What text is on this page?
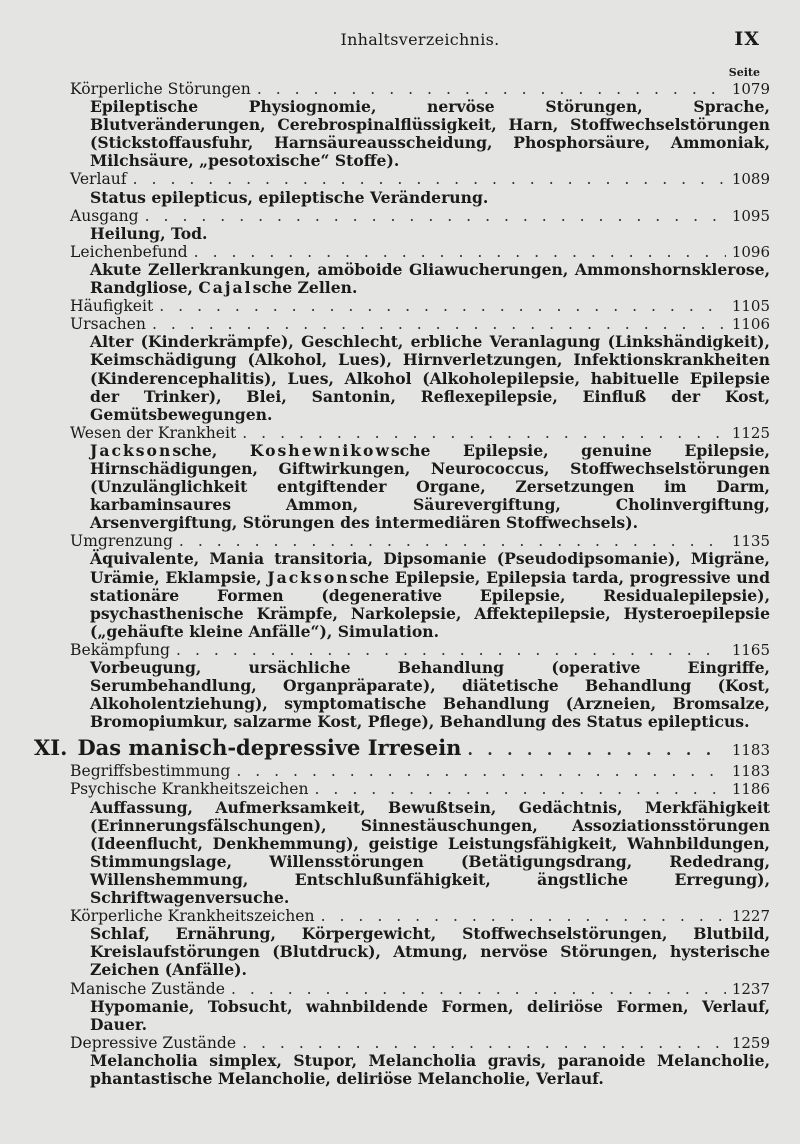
Inhaltsverzeichnis.	IX
Seite
Körperliche Störungen . . .	1079
Epileptische Physiognomie, nervöse Störungen, Sprache, Blutveränderungen, Cerebrospinalflüssigkeit, Harn, Stoffwechselstörungen (Stickstoffausfuhr, Harnsäureausscheidung, Phosphorsäure, Ammoniak, Milchsäure, „pesotoxische“ Stoffe).
Verlauf . . .	1089
Status epilepticus, epileptische Veränderung.
Ausgang . . .	1095
Heilung, Tod.
Leichenbefund . . .	1096
Akute Zellerkrankungen, amöboide Gliawucherungen, Ammonshornsklerose, Randgliose, Cajalsche Zellen.
Häufigkeit . . .	1105
Ursachen . . .	1106
Alter (Kinderkrämpfe), Geschlecht, erbliche Veranlagung (Linkshändigkeit), Keimschädigung (Alkohol, Lues), Hirnverletzungen, Infektionskrankheiten (Kinderencephalitis), Lues, Alkohol (Alkoholepilepsie, habituelle Epilepsie der Trinker), Blei, Santonin, Reflexepilepsie, Einfluß der Kost, Gemütsbewegungen.
Wesen der Krankheit . . .	1125
Jacksonsche, Koshewnikowsche Epilepsie, genuine Epilepsie, Hirnschädigungen, Giftwirkungen, Neurococcus, Stoffwechselstörungen (Unzulänglichkeit entgiftender Organe, Zersetzungen im Darm, karbaminsaures Ammon, Säurevergiftung, Cholinvergiftung, Arsenvergiftung, Störungen des intermediären Stoffwechsels).
Umgrenzung . . .	1135
Äquivalente, Mania transitoria, Dipsomanie (Pseudodipsomanie), Migräne, Urämie, Eklampsie, Jacksonsche Epilepsie, Epilepsia tarda, progressive und stationäre Formen (degenerative Epilepsie, Residualepilepsie), psychasthenische Krämpfe, Narkolepsie, Affektepilepsie, Hysteroepilepsie („gehäufte kleine Anfälle“), Simulation.
Bekämpfung . . .	1165
Vorbeugung, ursächliche Behandlung (operative Eingriffe, Serumbehandlung, Organpräparate), diätetische Behandlung (Kost, Alkoholentziehung), symptomatische Behandlung (Arzneien, Bromsalze, Bromopiumkur, salzarme Kost, Pflege), Behandlung des Status epilepticus.
XI. Das manisch-depressive Irresein . . .	1183
Begriffsbestimmung . . .	1183
Psychische Krankheitszeichen . . .	1186
Auffassung, Aufmerksamkeit, Bewußtsein, Gedächtnis, Merkfähigkeit (Erinnerungsfälschungen), Sinnestäuschungen, Assoziationsstörungen (Ideenflucht, Denkhemmung), geistige Leistungsfähigkeit, Wahnbildungen, Stimmungslage, Willensstörungen (Betätigungsdrang, Rededrang, Willenshemmung, Entschlußunfähigkeit, ängstliche Erregung), Schriftwagenversuche.
Körperliche Krankheitszeichen . . .	1227
Schlaf, Ernährung, Körpergewicht, Stoffwechselstörungen, Blutbild, Kreislaufstörungen (Blutdruck), Atmung, nervöse Störungen, hysterische Zeichen (Anfälle).
Manische Zustände . . .	1237
Hypomanie, Tobsucht, wahnbildende Formen, deliriöse Formen, Verlauf, Dauer.
Depressive Zustände . . .	1259
Melancholia simplex, Stupor, Melancholia gravis, paranoide Melancholie, phantastische Melancholie, deliriöse Melancholie, Verlauf.
